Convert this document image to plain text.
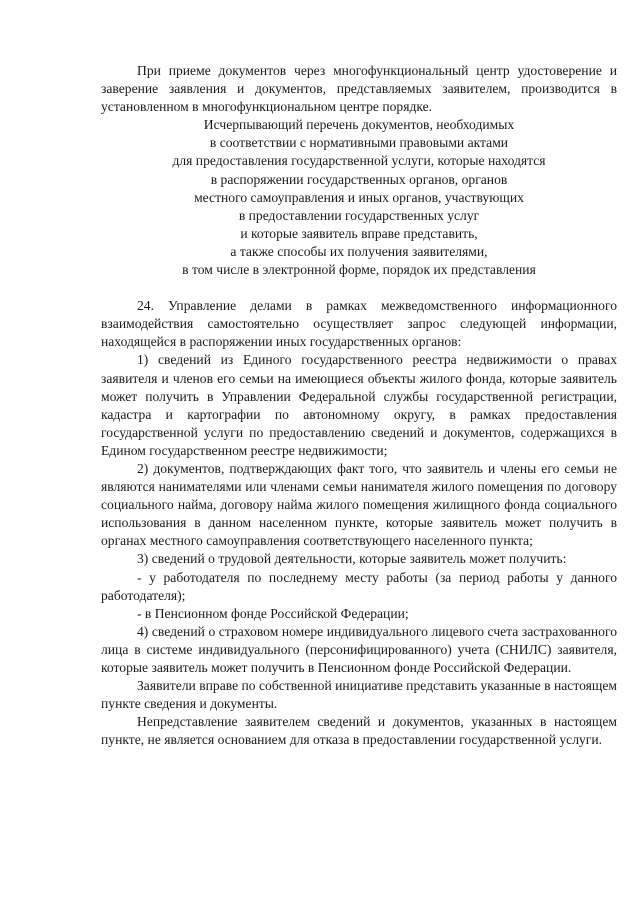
При приеме документов через многофункциональный центр удостоверение и заверение заявления и документов, представляемых заявителем, производится в установленном в многофункциональном центре порядке.

Исчерпывающий перечень документов, необходимых
в соответствии с нормативными правовыми актами
для предоставления государственной услуги, которые находятся
в распоряжении государственных органов, органов
местного самоуправления и иных органов, участвующих
в предоставлении государственных услуг
и которые заявитель вправе представить,
а также способы их получения заявителями,
в том числе в электронной форме, порядок их представления

24. Управление делами в рамках межведомственного информационного взаимодействия самостоятельно осуществляет запрос следующей информации, находящейся в распоряжении иных государственных органов:

1) сведений из Единого государственного реестра недвижимости о правах заявителя и членов его семьи на имеющиеся объекты жилого фонда, которые заявитель может получить в Управлении Федеральной службы государственной регистрации, кадастра и картографии по автономному округу, в рамках предоставления государственной услуги по предоставлению сведений и документов, содержащихся в Едином государственном реестре недвижимости;

2) документов, подтверждающих факт того, что заявитель и члены его семьи не являются нанимателями или членами семьи нанимателя жилого помещения по договору социального найма, договору найма жилого помещения жилищного фонда социального использования в данном населенном пункте, которые заявитель может получить в органах местного самоуправления соответствующего населенного пункта;

3) сведений о трудовой деятельности, которые заявитель может получить:

- у работодателя по последнему месту работы (за период работы у данного работодателя);

- в Пенсионном фонде Российской Федерации;

4) сведений о страховом номере индивидуального лицевого счета застрахованного лица в системе индивидуального (персонифицированного) учета (СНИЛС) заявителя, которые заявитель может получить в Пенсионном фонде Российской Федерации.

Заявители вправе по собственной инициативе представить указанные в настоящем пункте сведения и документы.

Непредставление заявителем сведений и документов, указанных в настоящем пункте, не является основанием для отказа в предоставлении государственной услуги.
